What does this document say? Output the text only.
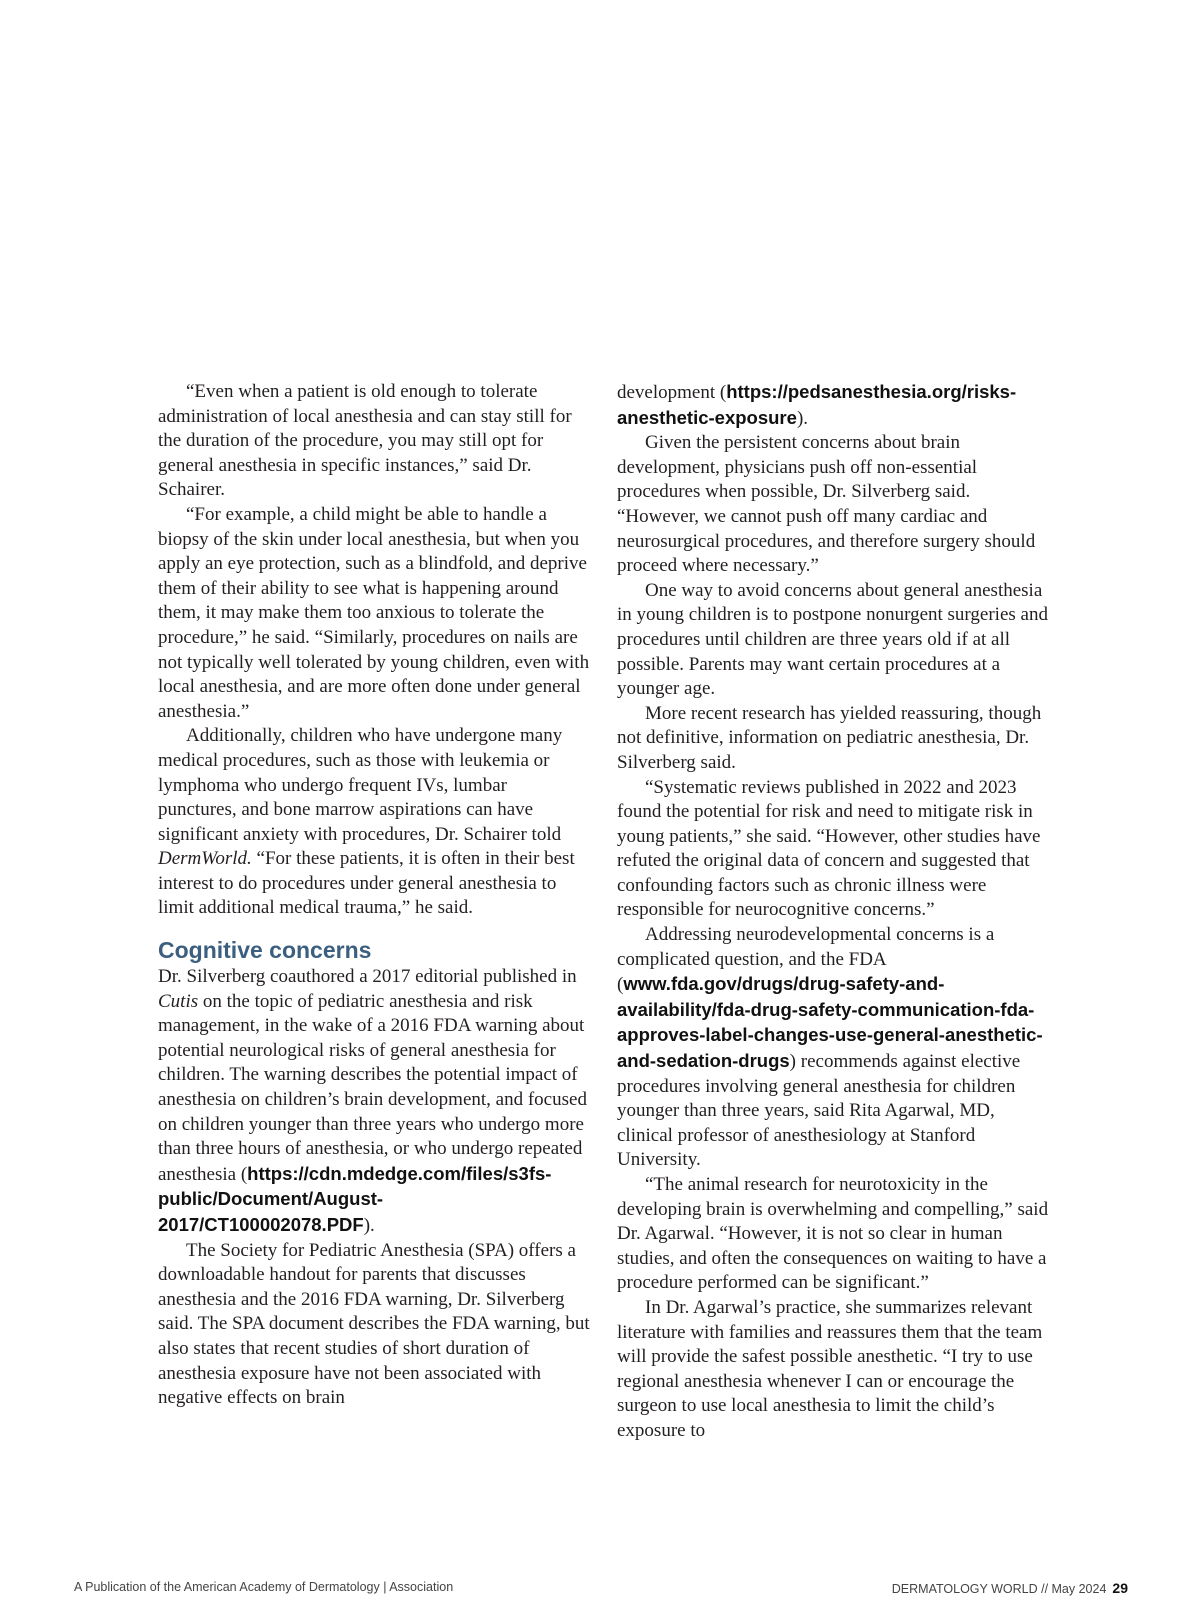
“Even when a patient is old enough to tolerate administration of local anesthesia and can stay still for the duration of the procedure, you may still opt for general anesthesia in specific instances,” said Dr. Schairer.

“For example, a child might be able to handle a biopsy of the skin under local anesthesia, but when you apply an eye protection, such as a blindfold, and deprive them of their ability to see what is happening around them, it may make them too anxious to tolerate the procedure,” he said. “Similarly, procedures on nails are not typically well tolerated by young children, even with local anesthesia, and are more often done under general anesthesia.”

Additionally, children who have undergone many medical procedures, such as those with leukemia or lymphoma who undergo frequent IVs, lumbar punctures, and bone marrow aspirations can have significant anxiety with procedures, Dr. Schairer told DermWorld. “For these patients, it is often in their best interest to do procedures under general anesthesia to limit additional medical trauma,” he said.

Cognitive concerns

Dr. Silverberg coauthored a 2017 editorial published in Cutis on the topic of pediatric anesthesia and risk management, in the wake of a 2016 FDA warning about potential neurological risks of general anesthesia for children. The warning describes the potential impact of anesthesia on children’s brain development, and focused on children younger than three years who undergo more than three hours of anesthesia, or who undergo repeated anesthesia (https://cdn.mdedge.com/files/s3fs-public/Document/August-2017/CT100002078.PDF).

The Society for Pediatric Anesthesia (SPA) offers a downloadable handout for parents that discusses anesthesia and the 2016 FDA warning, Dr. Silverberg said. The SPA document describes the FDA warning, but also states that recent studies of short duration of anesthesia exposure have not been associated with negative effects on brain

development (https://pedsanesthesia.org/risks-anesthetic-exposure).

Given the persistent concerns about brain development, physicians push off non-essential procedures when possible, Dr. Silverberg said. “However, we cannot push off many cardiac and neurosurgical procedures, and therefore surgery should proceed where necessary.”

One way to avoid concerns about general anesthesia in young children is to postpone nonurgent surgeries and procedures until children are three years old if at all possible. Parents may want certain procedures at a younger age.

More recent research has yielded reassuring, though not definitive, information on pediatric anesthesia, Dr. Silverberg said.

“Systematic reviews published in 2022 and 2023 found the potential for risk and need to mitigate risk in young patients,” she said. “However, other studies have refuted the original data of concern and suggested that confounding factors such as chronic illness were responsible for neurocognitive concerns.”

Addressing neurodevelopmental concerns is a complicated question, and the FDA (www.fda.gov/drugs/drug-safety-and-availability/fda-drug-safety-communication-fda-approves-label-changes-use-general-anesthetic-and-sedation-drugs) recommends against elective procedures involving general anesthesia for children younger than three years, said Rita Agarwal, MD, clinical professor of anesthesiology at Stanford University.

“The animal research for neurotoxicity in the developing brain is overwhelming and compelling,” said Dr. Agarwal. “However, it is not so clear in human studies, and often the consequences on waiting to have a procedure performed can be significant.”

In Dr. Agarwal’s practice, she summarizes relevant literature with families and reassures them that the team will provide the safest possible anesthetic. “I try to use regional anesthesia whenever I can or encourage the surgeon to use local anesthesia to limit the child’s exposure to

A Publication of the American Academy of Dermatology | Association	DERMATOLOGY WORLD // May 2024 29
